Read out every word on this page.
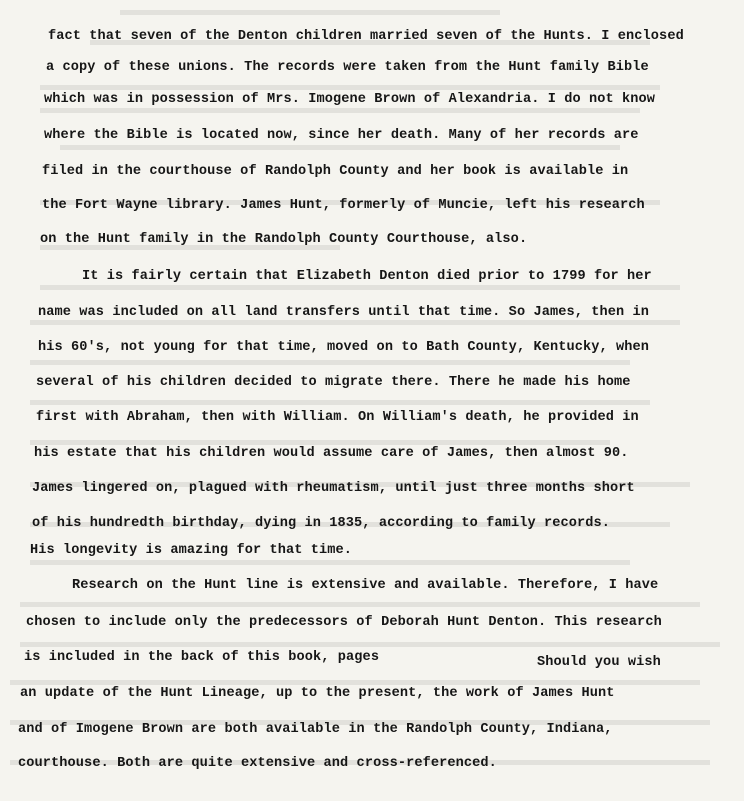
fact that seven of the Denton children married seven of the Hunts. I enclosed
a copy of these unions. The records were taken from the Hunt family Bible
which was in possession of Mrs. Imogene Brown of Alexandria. I do not know
where the Bible is located now, since her death. Many of her records are
filed in the courthouse of Randolph County and her book is available in
the Fort Wayne library. James Hunt, formerly of Muncie, left his research
on the Hunt family in the Randolph County Courthouse, also.
It is fairly certain that Elizabeth Denton died prior to 1799 for her
name was included on all land transfers until that time. So James, then in
his 60's, not young for that time, moved on to Bath County, Kentucky, when
several of his children decided to migrate there. There he made his home
first with Abraham, then with William. On William's death, he provided in
his estate that his children would assume care of James, then almost 90.
James lingered on, plagued with rheumatism, until just three months short
of his hundredth birthday, dying in 1835, according to family records.
His longevity is amazing for that time.
Research on the Hunt line is extensive and available. Therefore, I have
chosen to include only the predecessors of Deborah Hunt Denton. This research
is included in the back of this book, pages	Should you wish
an update of the Hunt Lineage, up to the present, the work of James Hunt
and of Imogene Brown are both available in the Randolph County, Indiana,
courthouse. Both are quite extensive and cross-referenced.
